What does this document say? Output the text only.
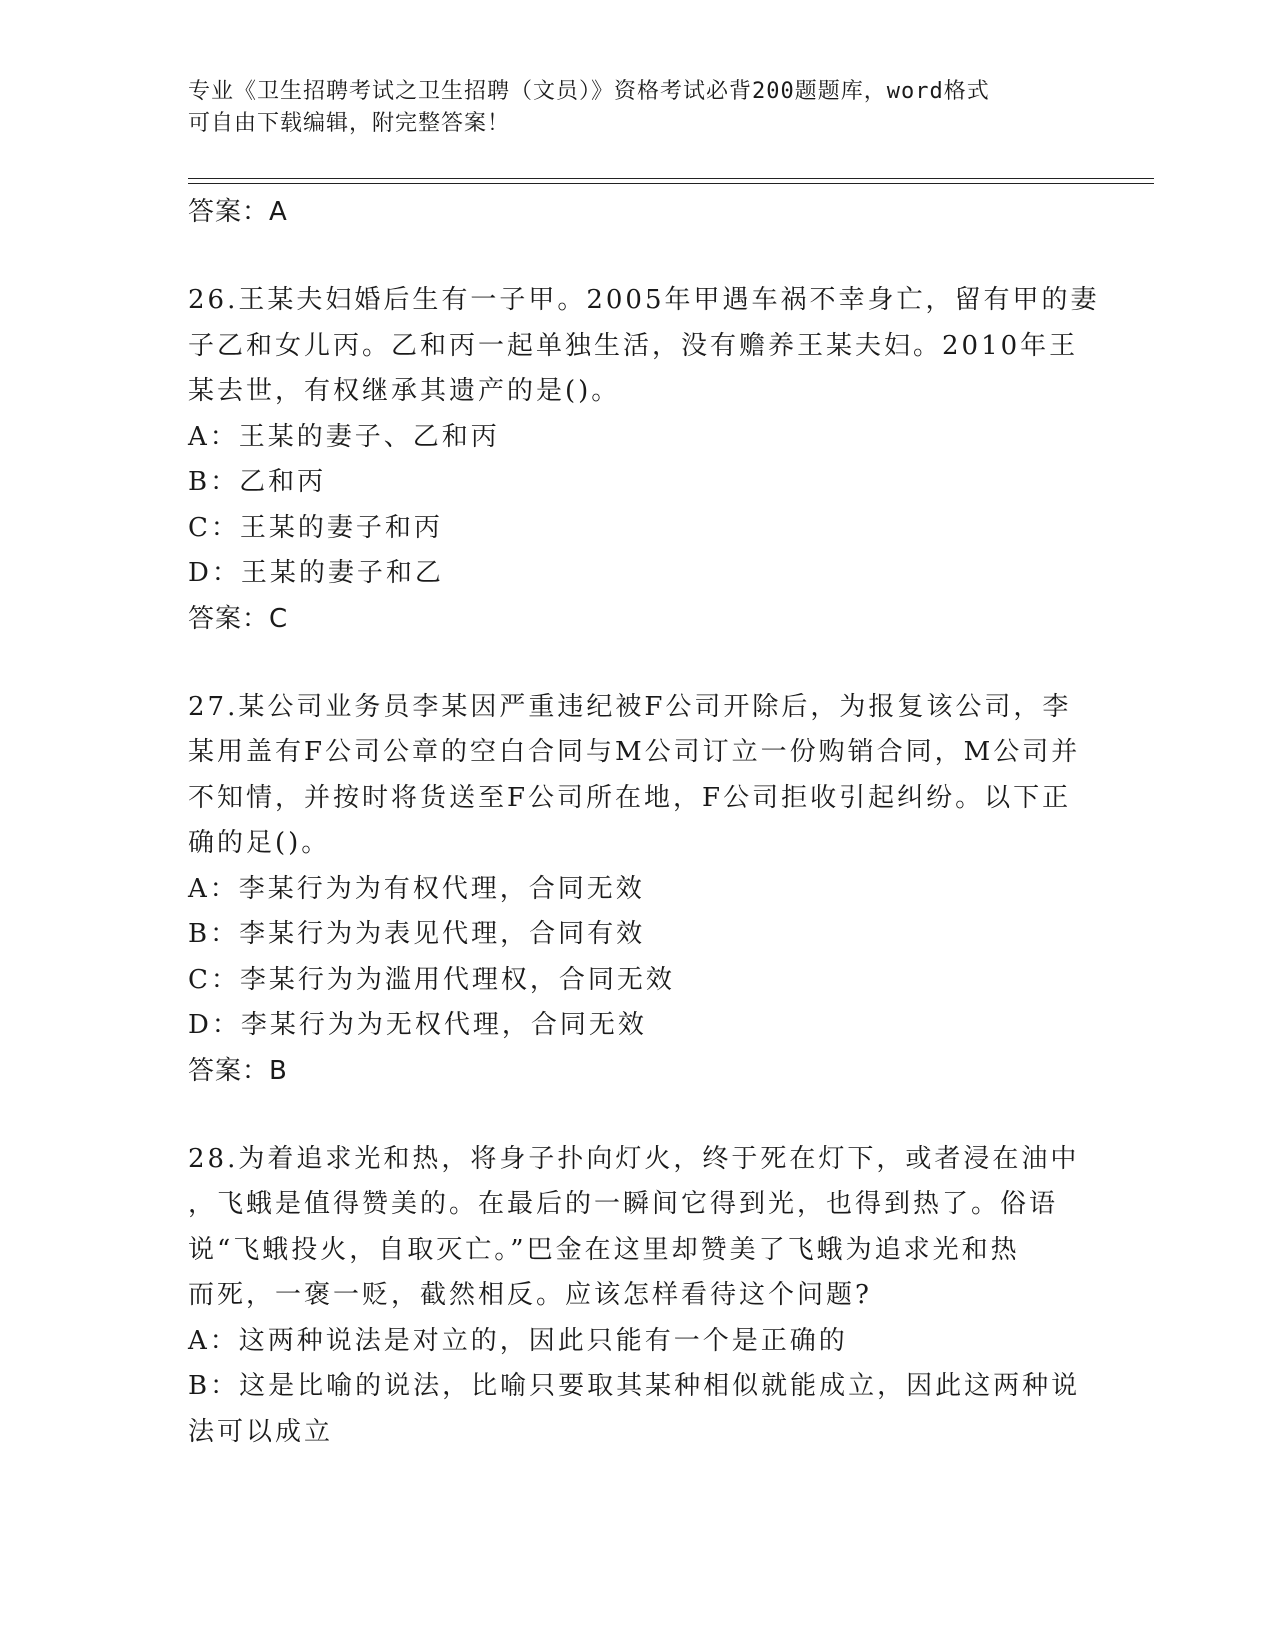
专业《卫生招聘考试之卫生招聘（文员）》资格考试必背200题题库，word格式
可自由下载编辑，附完整答案！

答案：A

26.王某夫妇婚后生有一子甲。2005年甲遇车祸不幸身亡，留有甲的妻

子乙和女儿丙。乙和丙一起单独生活，没有赡养王某夫妇。2010年王

某去世，有权继承其遗产的是()。

A：王某的妻子、乙和丙

B：乙和丙

C：王某的妻子和丙

D：王某的妻子和乙

答案：C

27.某公司业务员李某因严重违纪被F公司开除后，为报复该公司，李

某用盖有F公司公章的空白合同与M公司订立一份购销合同，M公司并

不知情，并按时将货送至F公司所在地，F公司拒收引起纠纷。以下正

确的足()。

A：李某行为为有权代理，合同无效

B：李某行为为表见代理，合同有效

C：李某行为为滥用代理权，合同无效

D：李某行为为无权代理，合同无效

答案：B

28.为着追求光和热，将身子扑向灯火，终于死在灯下，或者浸在油中

，飞蛾是值得赞美的。在最后的一瞬间它得到光，也得到热了。俗语

说“飞蛾投火，自取灭亡。”巴金在这里却赞美了飞蛾为追求光和热

而死，一褒一贬，截然相反。应该怎样看待这个问题?

A：这两种说法是对立的，因此只能有一个是正确的

B：这是比喻的说法，比喻只要取其某种相似就能成立，因此这两种说

法可以成立
